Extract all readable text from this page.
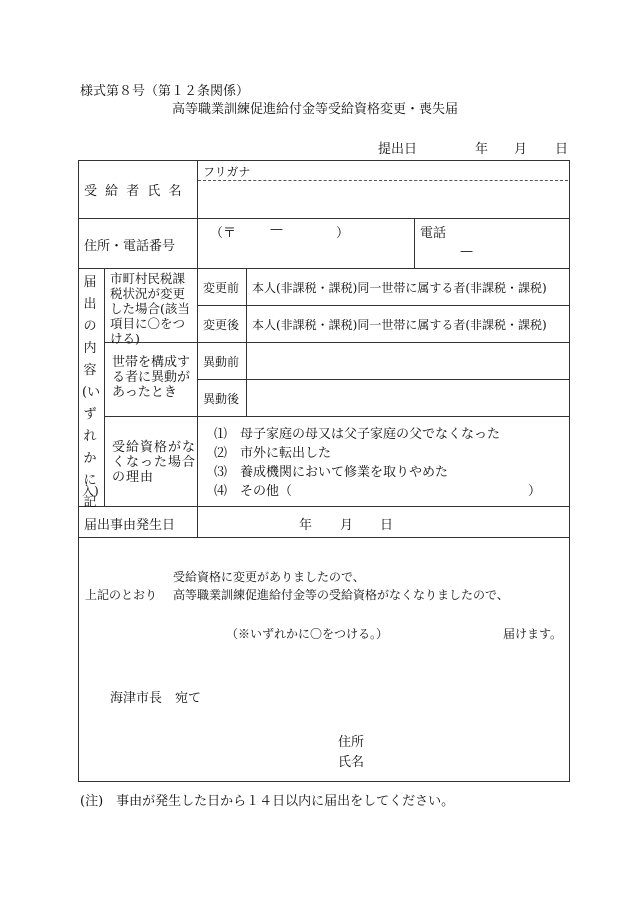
様式第８号（第１２条関係）
高等職業訓練促進給付金等受給資格変更・喪失届
提出日	年 月 日
受 給 者 氏 名
フリガナ
住所・電話番号
（〒	—	）	電話
—
届
出
の
内
容
(い
ず
れ
か
に
記
入)
市町村民税課税状況が変更した場合(該当項目に〇をつける)
変更前 本人(非課税・課税)同一世帯に属する者(非課税・課税)
変更後 本人(非課税・課税)同一世帯に属する者(非課税・課税)
世帯を構成する者に異動があったとき
異動前
異動後
受給資格がなくなった場合の理由
⑴　母子家庭の母又は父子家庭の父でなくなった
⑵　市外に転出した
⑶　養成機関において修業を取りやめた
⑷　その他（	）
届出事由発生日	年 月 日
受給資格に変更がありましたので、
上記のとおり 高等職業訓練促進給付金等の受給資格がなくなりましたので、
（※いずれかに〇をつける。）	届けます。
海津市長　宛て
住所
氏名
(注)　事由が発生した日から１４日以内に届出をしてください。
